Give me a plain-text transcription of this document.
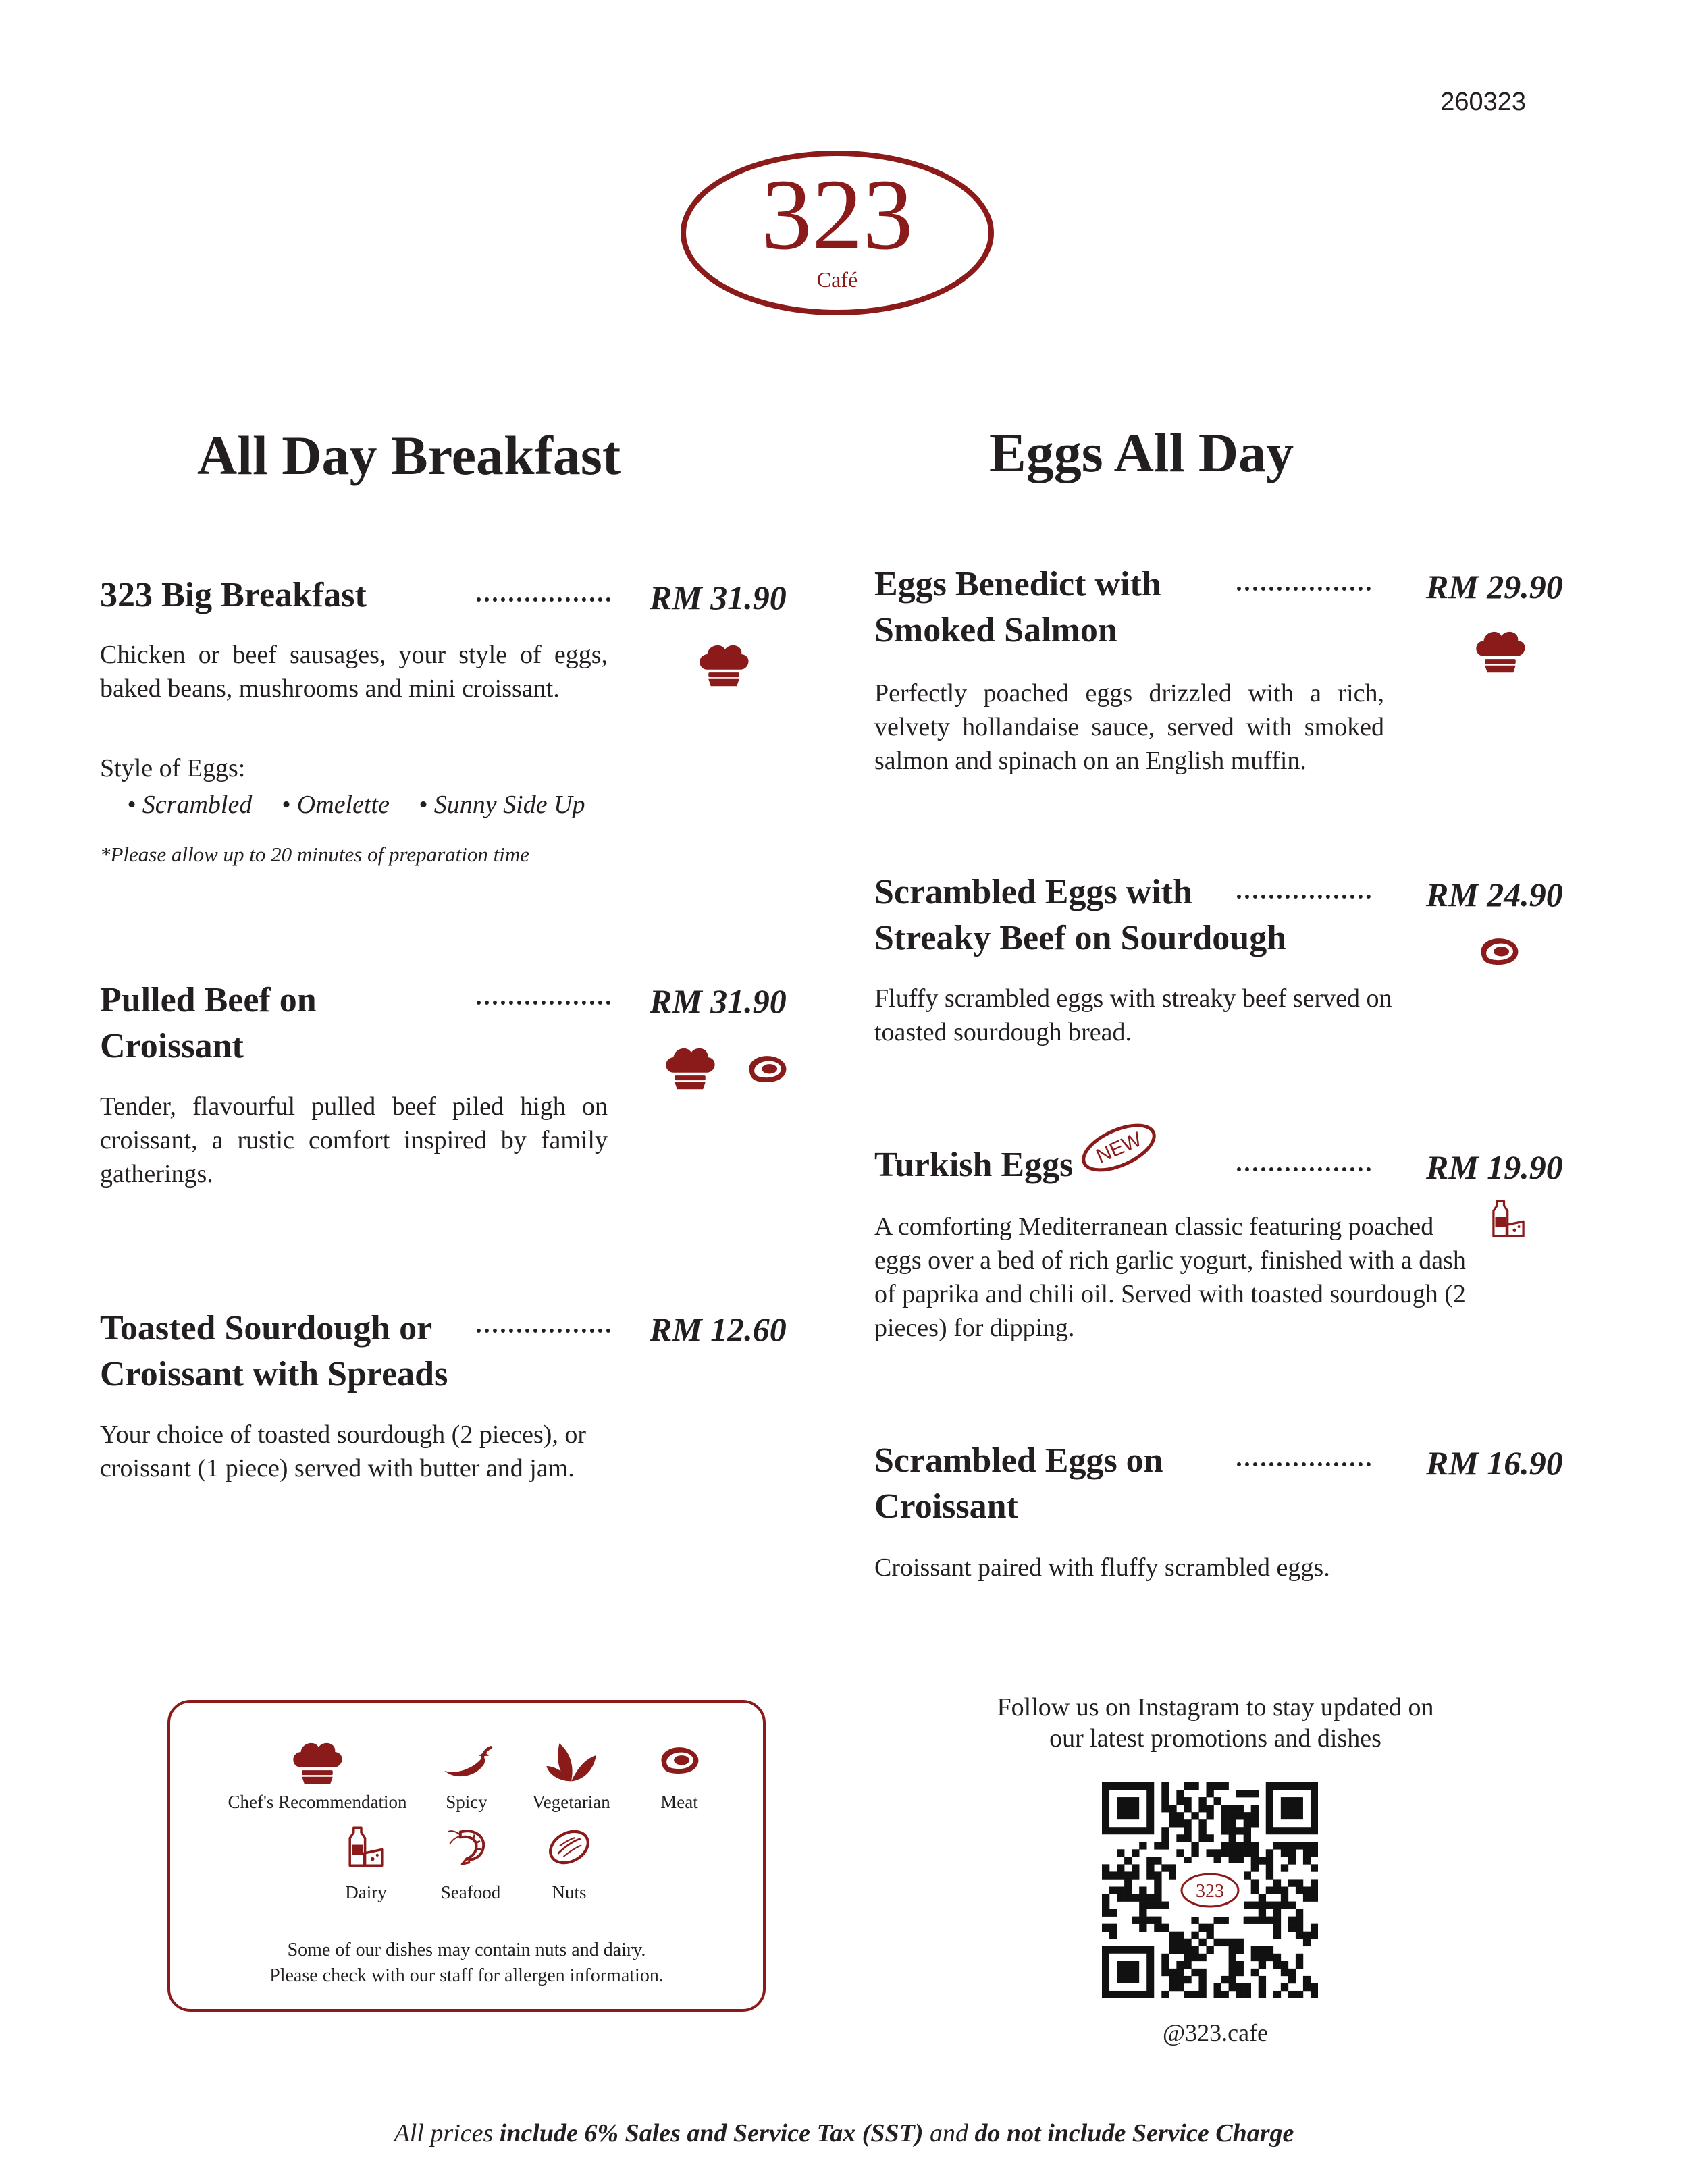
260323
323
Café
All Day Breakfast	Eggs All Day
323 Big Breakfast	RM 31.90
Chicken or beef sausages, your style of eggs, baked beans, mushrooms and mini croissant.
Style of Eggs:
• Scrambled • Omelette • Sunny Side Up
*Please allow up to 20 minutes of preparation time
Pulled Beef on
Croissant
RM 31.90
Tender, flavourful pulled beef piled high on croissant, a rustic comfort inspired by family gatherings.
Toasted Sourdough or
Croissant with Spreads
RM 12.60
Your choice of toasted sourdough (2 pieces), or croissant (1 piece) served with butter and jam.
Eggs Benedict with
Smoked Salmon
RM 29.90
Perfectly poached eggs drizzled with a rich, velvety hollandaise sauce, served with smoked salmon and spinach on an English muffin.
Scrambled Eggs with
Streaky Beef on Sourdough
RM 24.90
Fluffy scrambled eggs with streaky beef served on toasted sourdough bread.
Turkish Eggs NEW	RM 19.90
A comforting Mediterranean classic featuring poached eggs over a bed of rich garlic yogurt, finished with a dash of paprika and chili oil. Served with toasted sourdough (2 pieces) for dipping.
Scrambled Eggs on
Croissant
RM 16.90
Croissant paired with fluffy scrambled eggs.
Chef's Recommendation	Spicy	Vegetarian	Meat
Dairy	Seafood	Nuts
Some of our dishes may contain nuts and dairy.
Please check with our staff for allergen information.
Follow us on Instagram to stay updated on
our latest promotions and dishes
323
@323.cafe
All prices include 6% Sales and Service Tax (SST) and do not include Service Charge
